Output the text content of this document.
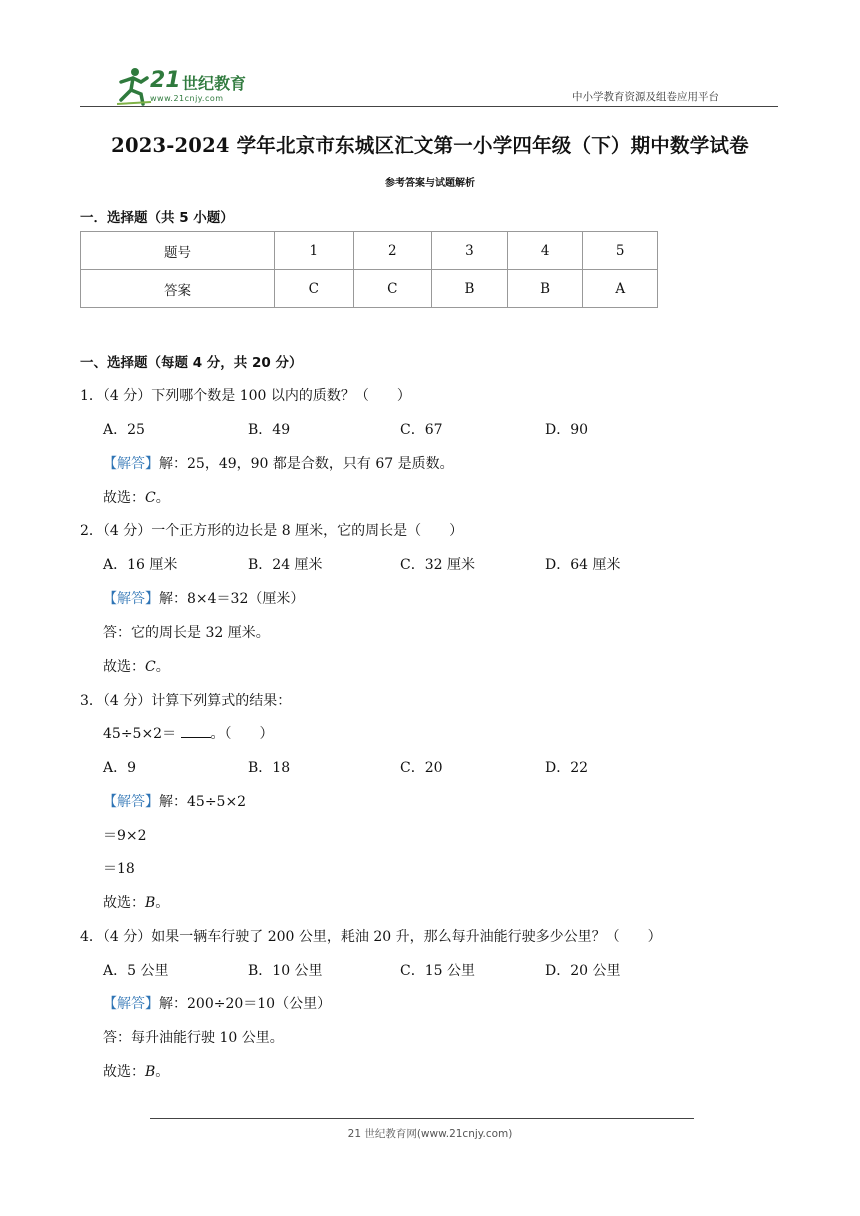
21 世纪教育
www.21cnjy.com	中小学教育资源及组卷应用平台
2023-2024 学年北京市东城区汇文第一小学四年级（下）期中数学试卷
参考答案与试题解析
一．选择题（共 5 小题）
题号	1	2	3	4	5
答案	C	C	B	B	A
一、选择题（每题 4 分，共 20 分）
1．（4 分）下列哪个数是 100 以内的质数？（　　）
A．25	B．49	C．67	D．90
【解答】解：25，49，90 都是合数，只有 67 是质数。
故选：C。
2．（4 分）一个正方形的边长是 8 厘米，它的周长是（　　）
A．16 厘米	B．24 厘米	C．32 厘米	D．64 厘米
【解答】解：8×4＝32（厘米）
答：它的周长是 32 厘米。
故选：C。
3．（4 分）计算下列算式的结果：
45÷5×2＝ 。（　　）
A．9	B．18	C．20	D．22
【解答】解：45÷5×2
＝9×2
＝18
故选：B。
4．（4 分）如果一辆车行驶了 200 公里，耗油 20 升，那么每升油能行驶多少公里？（　　）
A．5 公里	B．10 公里	C．15 公里	D．20 公里
【解答】解：200÷20＝10（公里）
答：每升油能行驶 10 公里。
故选：B。
21 世纪教育网(www.21cnjy.com)
